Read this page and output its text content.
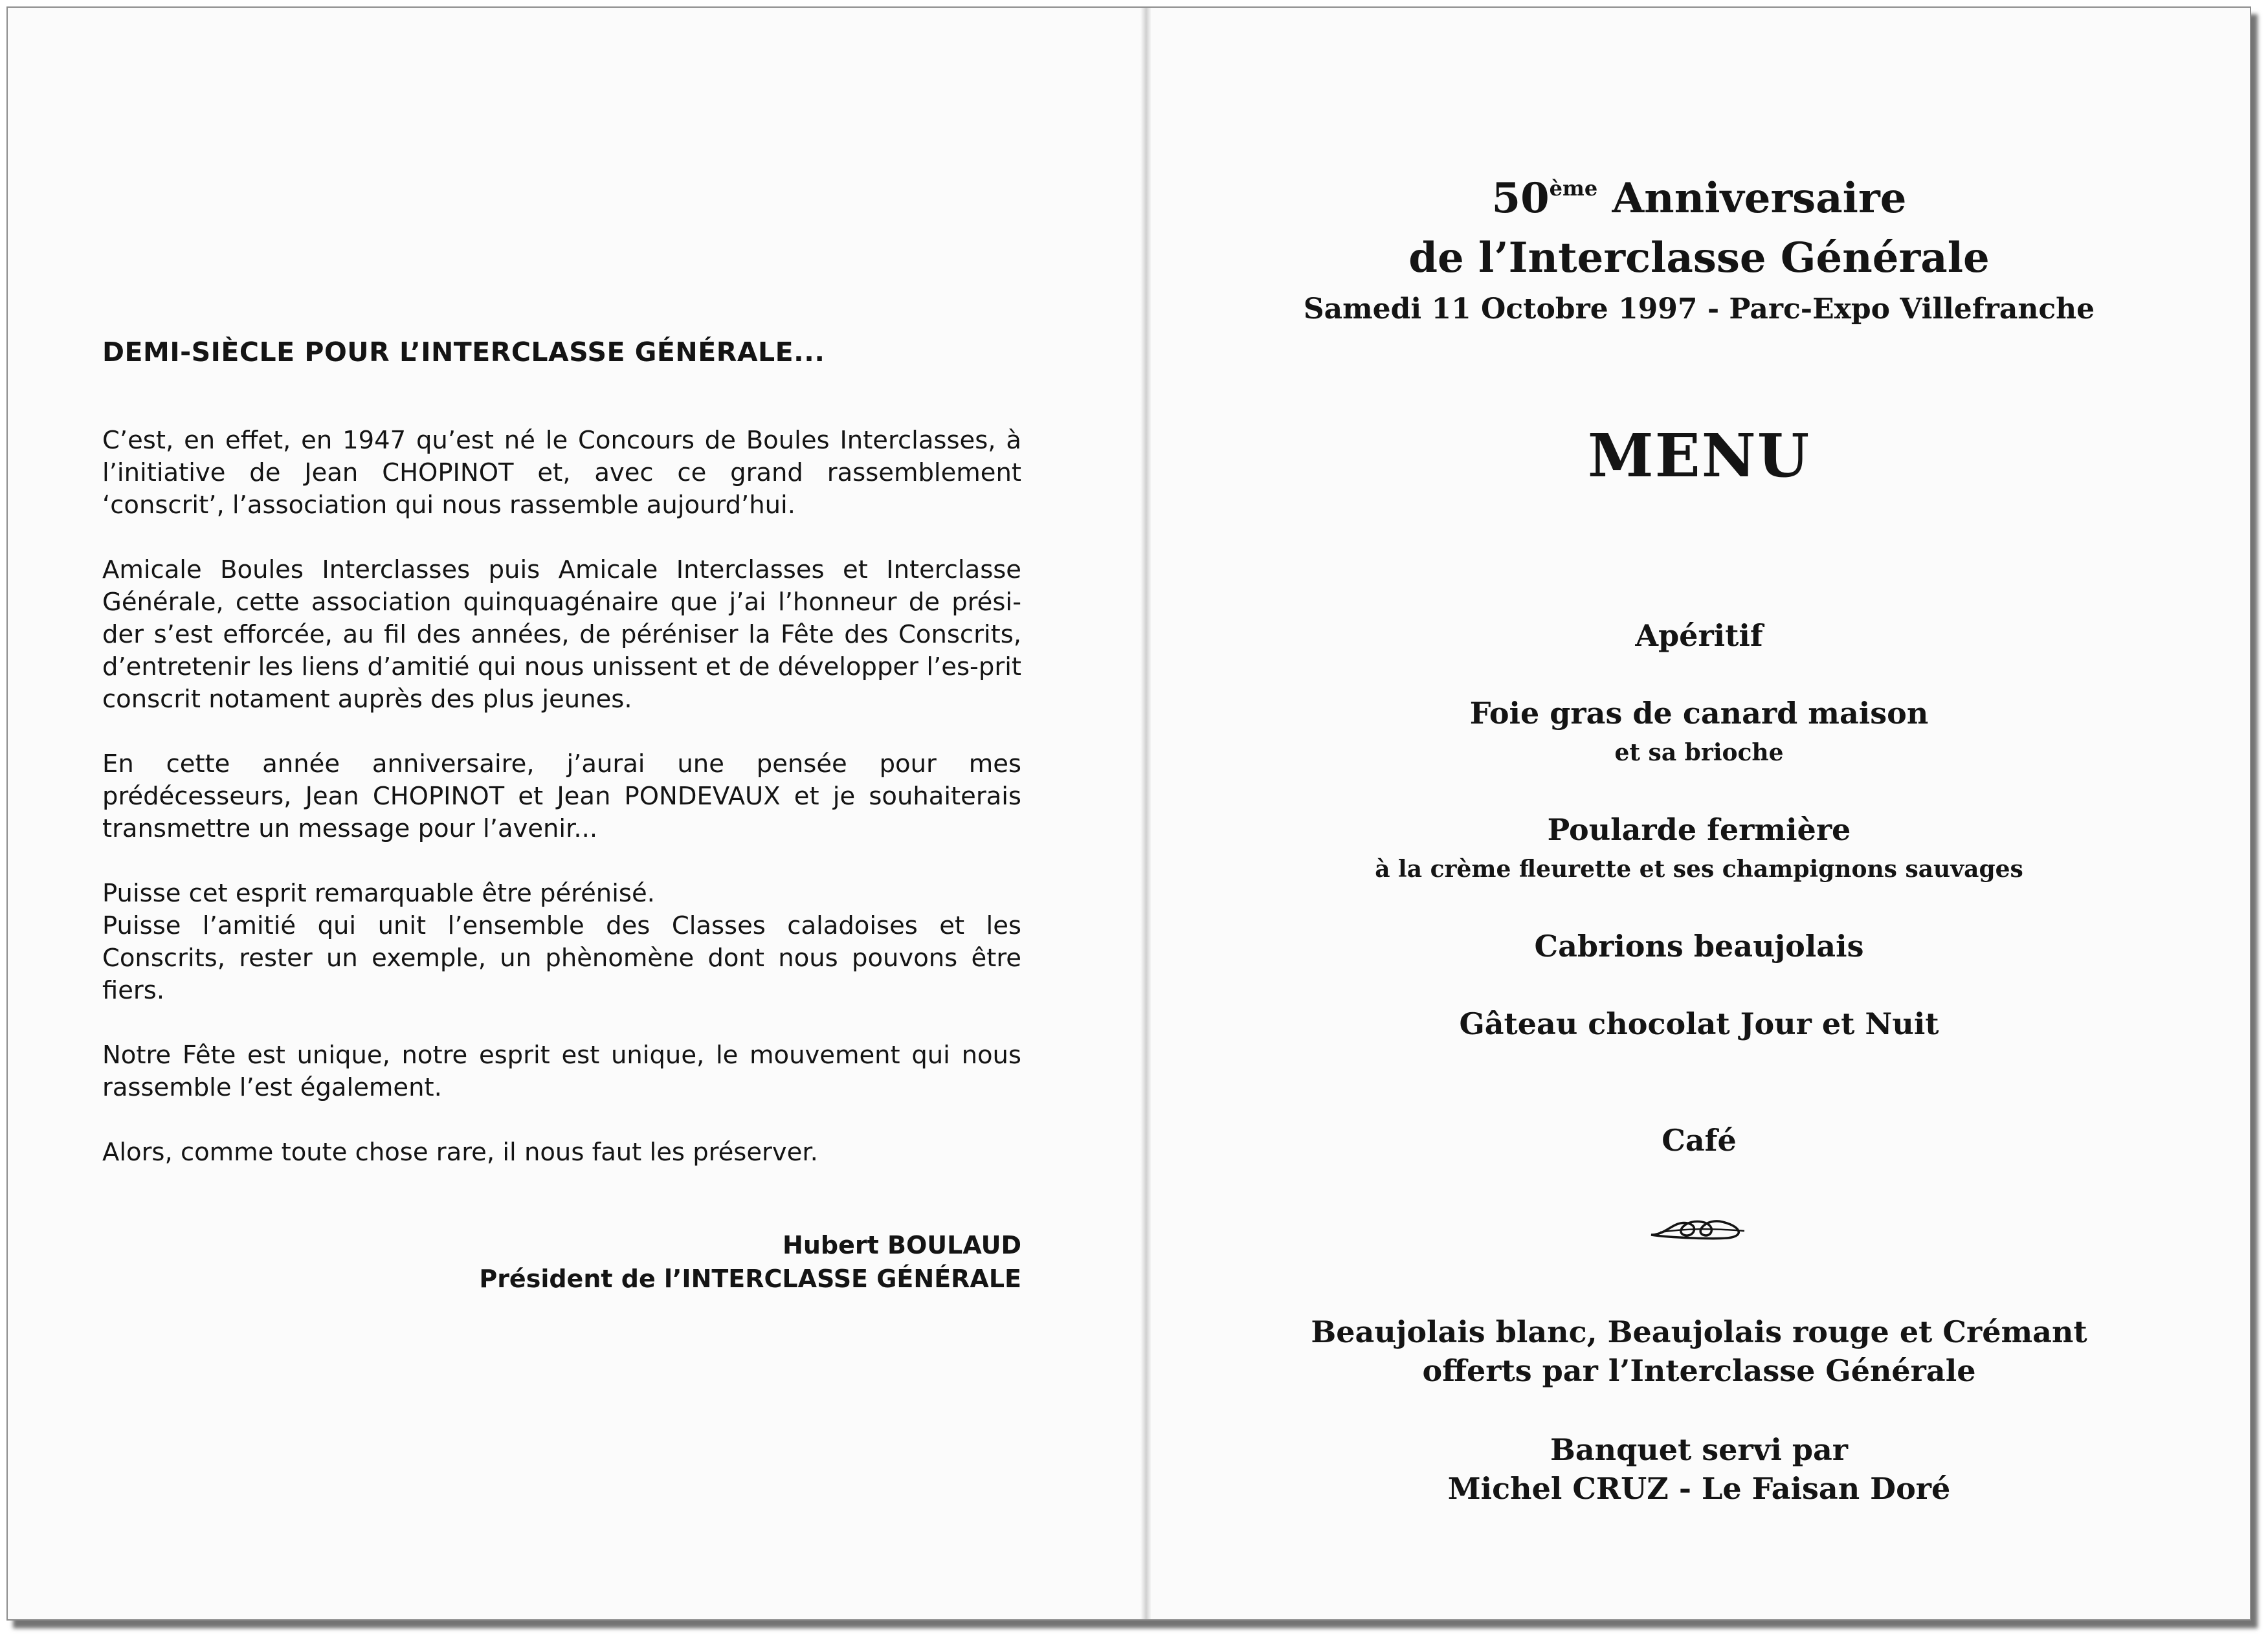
DEMI-SIÈCLE POUR L’INTERCLASSE GÉNÉRALE...

C’est, en effet, en 1947 qu’est né le Concours de Boules Interclasses, à l’initiative de Jean CHOPINOT et, avec ce grand rassemblement ‘conscrit’, l’association qui nous rassemble aujourd’hui.

Amicale Boules Interclasses puis Amicale Interclasses et Interclasse Générale, cette association quinquagénaire que j’ai l’honneur de prési-der s’est efforcée, au fil des années, de péréniser la Fête des Conscrits, d’entretenir les liens d’amitié qui nous unissent et de développer l’es-prit conscrit notament auprès des plus jeunes.

En cette année anniversaire, j’aurai une pensée pour mes prédécesseurs, Jean CHOPINOT et Jean PONDEVAUX et je souhaiterais transmettre un message pour l’avenir...

Puisse cet esprit remarquable être pérénisé.

Puisse l’amitié qui unit l’ensemble des Classes caladoises et les Conscrits, rester un exemple, un phènomène dont nous pouvons être fiers.

Notre Fête est unique, notre esprit est unique, le mouvement qui nous rassemble l’est également.

Alors, comme toute chose rare, il nous faut les préserver.

Hubert BOULAUD
Président de l’INTERCLASSE GÉNÉRALE
50ème Anniversaire
de l’Interclasse Générale
Samedi 11 Octobre 1997 - Parc-Expo Villefranche
MENU
Apéritif
Foie gras de canard maison
et sa brioche
Poularde fermière
à la crème fleurette et ses champignons sauvages
Cabrions beaujolais
Gâteau chocolat Jour et Nuit
Café
Beaujolais blanc, Beaujolais rouge et Crémant
offerts par l’Interclasse Générale
Banquet servi par
Michel CRUZ - Le Faisan Doré
